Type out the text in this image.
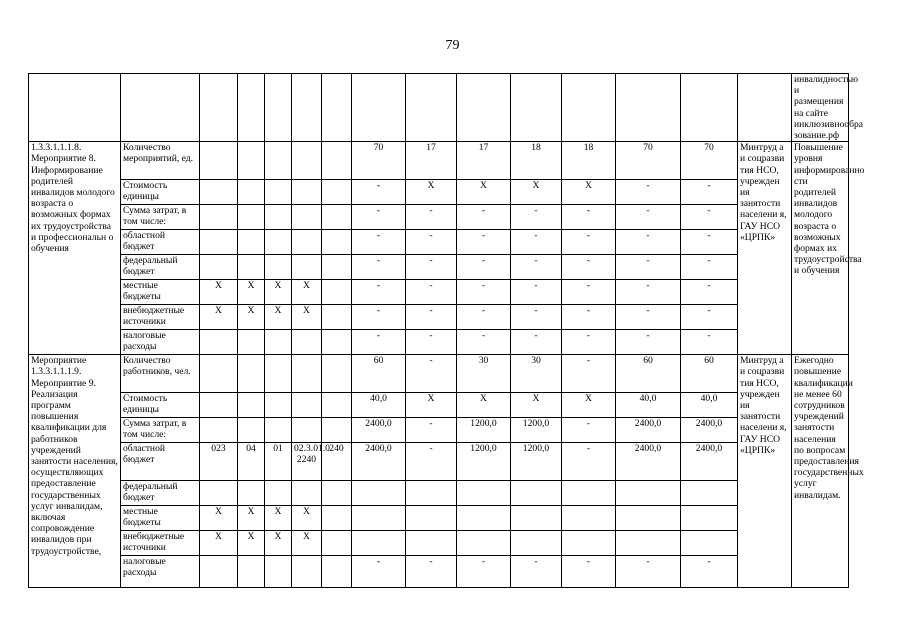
79
															инвалидностью и размещения на сайте инклюзивнообра зование.рф
1.3.3.1.1.1.8. Мероприятие 8. Информирование родителей инвалидов молодого возраста о возможных формах их трудоустройства и профессиональн о обучения	Количество мероприятий, ед.						70	17	17	18	18	70	70	Минтруд а и соцразви тия НСО, учрежден ия занятости населени я, ГАУ НСО «ЦРПК»	Повышение уровня информированно сти родителей инвалидов молодого возраста о возможных формах их трудоустройства и обучения
	Стоимость единицы						-	X	X	X	X	-	-		
	Сумма затрат, в том числе:						-	-	-	-	-	-	-		
	областной бюджет						-	-	-	-	-	-	-		
	федеральный бюджет						-	-	-	-	-	-	-		
	местные бюджеты	X	X	X	X		-	-	-	-	-	-	-		
	внебюджетные источники	X	X	X	X		-	-	-	-	-	-	-		
	налоговые расходы						-	-	-	-	-	-	-		
Мероприятие 1.3.3.1.1.1.9. Мероприятие 9. Реализация программ повышения квалификации для работников учреждений занятости населения, осуществляющих предоставление государственных услуг инвалидам, включая сопровождение инвалидов при трудоустройстве,	Количество работников, чел.						60	-	30	30	-	60	60	Минтруд а и соцразви тия НСО, учрежден ия занятости населени я, ГАУ НСО «ЦРПК»	Ежегодно повышение квалификации не менее 60 сотрудников учреждений занятости населения по вопросам предоставления государственных услуг инвалидам.
	Стоимость единицы						40,0	X	X	X	X	40,0	40,0		
	Сумма затрат, в том числе:						2400,0	-	1200,0	1200,0	-	2400,0	2400,0		
	областной бюджет	023	04	01	02.3.01.0 2240	240	2400,0	-	1200,0	1200,0	-	2400,0	2400,0		
	федеральный бюджет														
	местные бюджеты	X	X	X	X										
	внебюджетные источники	X	X	X	X										
	налоговые расходы						-	-	-	-	-	-	-		
